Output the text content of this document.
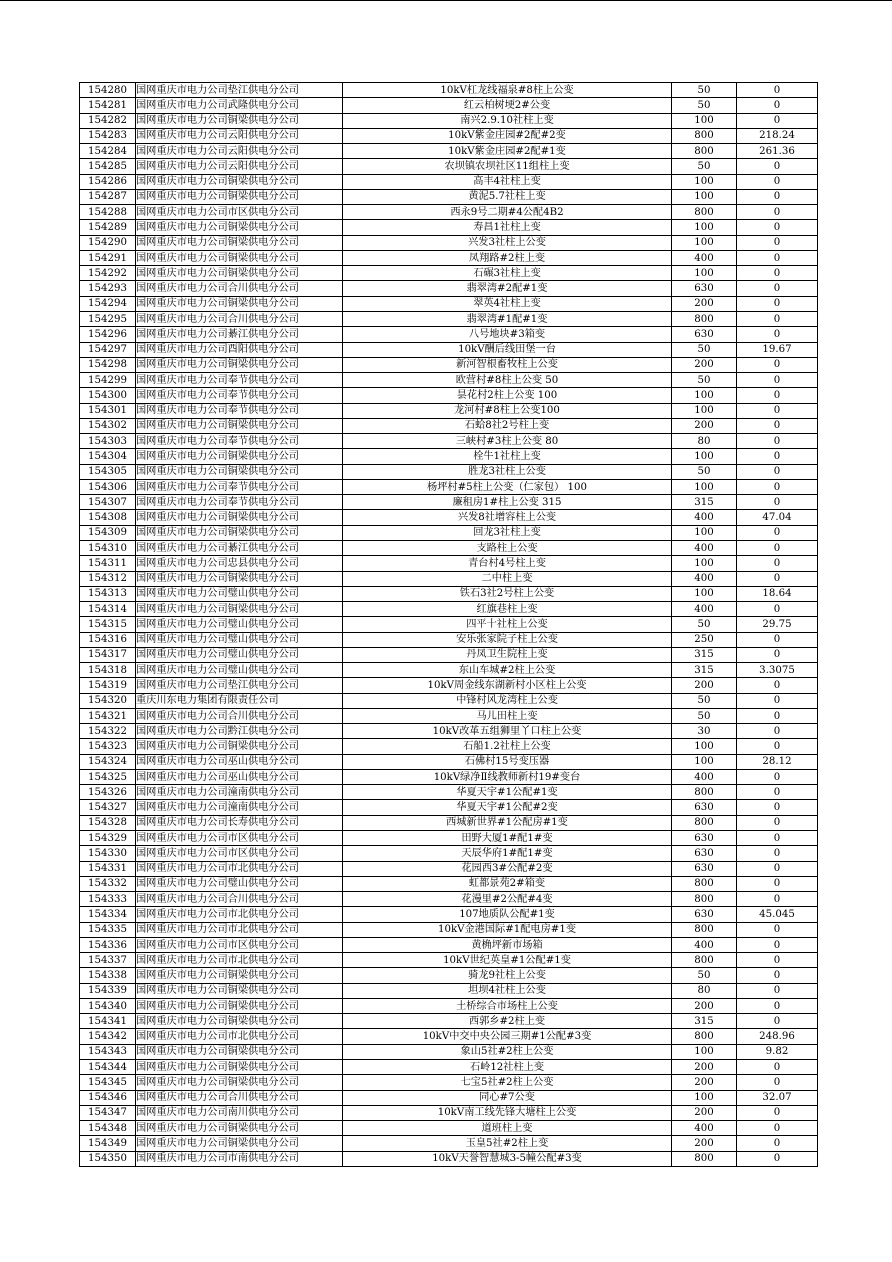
154280	国网重庆市电力公司垫江供电分公司	10kV杠龙线福泉#8柱上公变	50	0
154281	国网重庆市电力公司武隆供电分公司	红云柏树埂2#公变	50	0
154282	国网重庆市电力公司铜梁供电分公司	南兴2.9.10社柱上变	100	0
154283	国网重庆市电力公司云阳供电分公司	10kV紫金庄园#2配#2变	800	218.24
154284	国网重庆市电力公司云阳供电分公司	10kV紫金庄园#2配#1变	800	261.36
154285	国网重庆市电力公司云阳供电分公司	农坝镇农坝社区11组柱上变	50	0
154286	国网重庆市电力公司铜梁供电分公司	高丰4社柱上变	100	0
154287	国网重庆市电力公司铜梁供电分公司	黄泥5.7社柱上变	100	0
154288	国网重庆市电力公司市区供电分公司	西永9号二期#4公配4B2	800	0
154289	国网重庆市电力公司铜梁供电分公司	寿昌1社柱上变	100	0
154290	国网重庆市电力公司铜梁供电分公司	兴发3社柱上公变	100	0
154291	国网重庆市电力公司铜梁供电分公司	凤翔路#2柱上变	400	0
154292	国网重庆市电力公司铜梁供电分公司	石碾3社柱上变	100	0
154293	国网重庆市电力公司合川供电分公司	翡翠湾#2配#1变	630	0
154294	国网重庆市电力公司铜梁供电分公司	翠英4社柱上变	200	0
154295	国网重庆市电力公司合川供电分公司	翡翠湾#1配#1变	800	0
154296	国网重庆市电力公司綦江供电分公司	八号地块#3箱变	630	0
154297	国网重庆市电力公司酉阳供电分公司	10kV酬后线田堡一台	50	19.67
154298	国网重庆市电力公司铜梁供电分公司	新河智根畜牧柱上公变	200	0
154299	国网重庆市电力公司奉节供电分公司	欧营村#8柱上公变 50	50	0
154300	国网重庆市电力公司奉节供电分公司	昙花村2柱上公变 100	100	0
154301	国网重庆市电力公司奉节供电分公司	龙河村#8柱上公变100	100	0
154302	国网重庆市电力公司铜梁供电分公司	石蛤8社2号柱上变	200	0
154303	国网重庆市电力公司奉节供电分公司	三峡村#3柱上公变 80	80	0
154304	国网重庆市电力公司铜梁供电分公司	栓牛1社柱上变	100	0
154305	国网重庆市电力公司铜梁供电分公司	胜龙3社柱上公变	50	0
154306	国网重庆市电力公司奉节供电分公司	杨坪村#5柱上公变（仁家包） 100	100	0
154307	国网重庆市电力公司奉节供电分公司	廉租房1#柱上公变 315	315	0
154308	国网重庆市电力公司铜梁供电分公司	兴发8社增容柱上公变	400	47.04
154309	国网重庆市电力公司铜梁供电分公司	回龙3社柱上变	100	0
154310	国网重庆市电力公司綦江供电分公司	支路柱上公变	400	0
154311	国网重庆市电力公司忠县供电分公司	青台村4号柱上变	100	0
154312	国网重庆市电力公司铜梁供电分公司	二中柱上变	400	0
154313	国网重庆市电力公司璧山供电分公司	铁石3社2号柱上公变	100	18.64
154314	国网重庆市电力公司铜梁供电分公司	红旗巷柱上变	400	0
154315	国网重庆市电力公司璧山供电分公司	四平十社柱上公变	50	29.75
154316	国网重庆市电力公司璧山供电分公司	安乐张家院子柱上公变	250	0
154317	国网重庆市电力公司璧山供电分公司	丹凤卫生院柱上变	315	0
154318	国网重庆市电力公司璧山供电分公司	东山车城#2柱上公变	315	3.3075
154319	国网重庆市电力公司垫江供电分公司	10kV周金线东湖新村小区柱上公变	200	0
154320	重庆川东电力集团有限责任公司	中锋村风龙湾柱上公变	50	0
154321	国网重庆市电力公司合川供电分公司	马儿田柱上变	50	0
154322	国网重庆市电力公司黔江供电分公司	10kV改革五组狮里丫口柱上公变	30	0
154323	国网重庆市电力公司铜梁供电分公司	石船1.2社柱上公变	100	0
154324	国网重庆市电力公司巫山供电分公司	石佛村15号变压器	100	28.12
154325	国网重庆市电力公司巫山供电分公司	10kV绿净Ⅱ线教师新村19#变台	400	0
154326	国网重庆市电力公司潼南供电分公司	华夏天宇#1公配#1变	800	0
154327	国网重庆市电力公司潼南供电分公司	华夏天宇#1公配#2变	630	0
154328	国网重庆市电力公司长寿供电分公司	西城新世界#1公配房#1变	800	0
154329	国网重庆市电力公司市区供电分公司	田野大厦1#配1#变	630	0
154330	国网重庆市电力公司市区供电分公司	天辰华府1#配1#变	630	0
154331	国网重庆市电力公司市北供电分公司	花园西3#公配#2变	630	0
154332	国网重庆市电力公司璧山供电分公司	虹都景苑2#箱变	800	0
154333	国网重庆市电力公司合川供电分公司	花漫里#2公配#4变	800	0
154334	国网重庆市电力公司市北供电分公司	107地质队公配#1变	630	45.045
154335	国网重庆市电力公司市北供电分公司	10kV金港国际#1配电房#1变	800	0
154336	国网重庆市电力公司市区供电分公司	黄桷坪新市场箱	400	0
154337	国网重庆市电力公司市北供电分公司	10kV世纪英皇#1公配#1变	800	0
154338	国网重庆市电力公司铜梁供电分公司	骑龙9社柱上公变	50	0
154339	国网重庆市电力公司铜梁供电分公司	坦坝4社柱上公变	80	0
154340	国网重庆市电力公司铜梁供电分公司	土桥综合市场柱上公变	200	0
154341	国网重庆市电力公司铜梁供电分公司	西郭乡#2柱上变	315	0
154342	国网重庆市电力公司市北供电分公司	10kV中交中央公园三期#1公配#3变	800	248.96
154343	国网重庆市电力公司铜梁供电分公司	象山5社#2柱上公变	100	9.82
154344	国网重庆市电力公司铜梁供电分公司	石岭12社柱上变	200	0
154345	国网重庆市电力公司铜梁供电分公司	七宝5社#2柱上公变	200	0
154346	国网重庆市电力公司合川供电分公司	同心#7公变	100	32.07
154347	国网重庆市电力公司南川供电分公司	10kV南工线先锋大塘柱上公变	200	0
154348	国网重庆市电力公司铜梁供电分公司	道班柱上变	400	0
154349	国网重庆市电力公司铜梁供电分公司	玉皇5社#2柱上变	200	0
154350	国网重庆市电力公司市南供电分公司	10kV天誉智慧城3-5幢公配#3变	800	0
